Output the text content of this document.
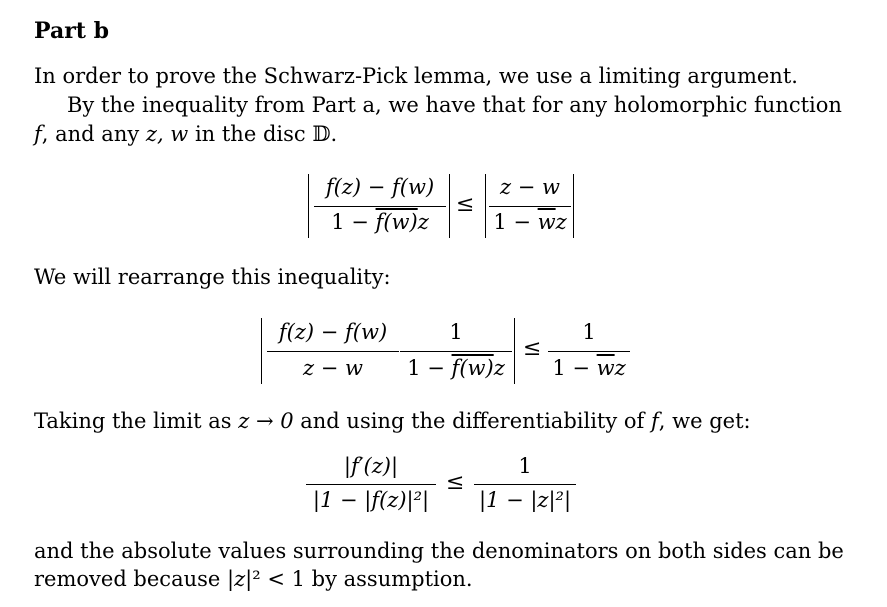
Part b
In order to prove the Schwarz-Pick lemma, we use a limiting argument.
By the inequality from Part a, we have that for any holomorphic function
f, and any z, w in the disc 𝔻.
f(z) − f(w)
1 − f(w)z
≤
z − w
$1 - \overline{w}z$
We will rearrange this inequality:
f(z) − f(w)
z − w
1
1 − f(w)z
≤
1
$1 - \overline{w}z$
Taking the limit as z → 0 and using the differentiability of f, we get:
|f′(z)|
|1 − |f(z)|²|
≤
1
|1 − |z|²|
and the absolute values surrounding the denominators on both sides can be
removed because |z|² < 1 by assumption.
